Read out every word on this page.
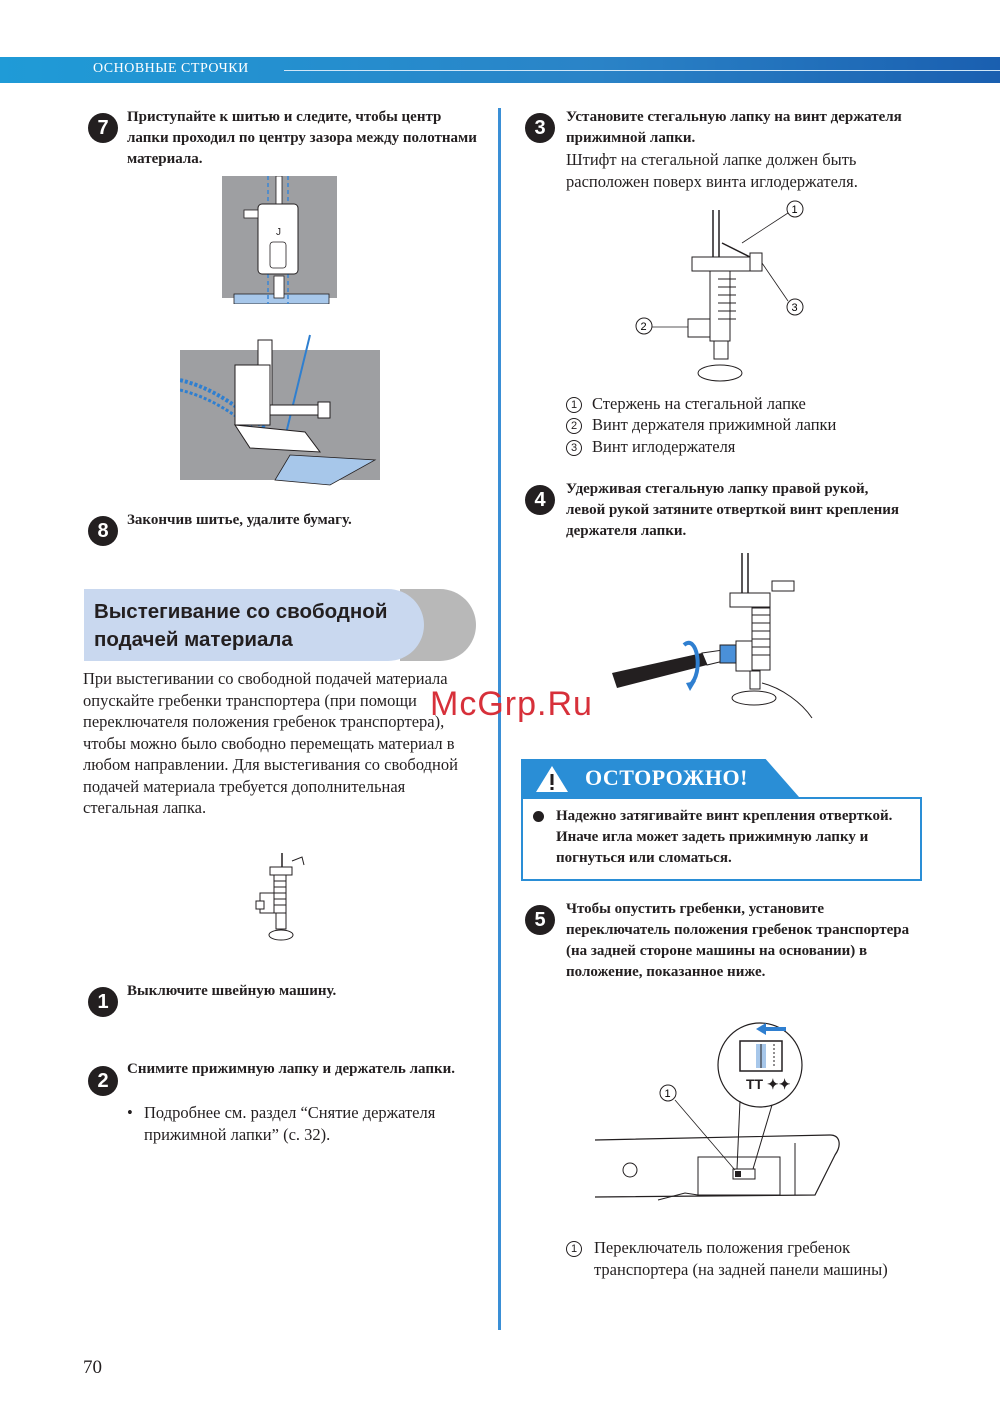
ОСНОВНЫЕ СТРОЧКИ
7	Приступайте к шитью и следите, чтобы центр лапки проходил по центру зазора между полотнами материала.
J
8	Закончив шитье, удалите бумагу.
Выстегивание со свободной подачей материала
При выстегивании со свободной подачей материала опускайте гребенки транспортера (при помощи переключателя положения гребенок транспортера), чтобы можно было свободно перемещать материал в любом направлении. Для выстегивания со свободной подачей материала требуется дополнительная стегальная лапка.
1	Выключите швейную машину.
2
Снимите прижимную лапку и держатель лапки.
• Подробнее см. раздел “Снятие держателя прижимной лапки” (с. 32).
3	Установите стегальную лапку на винт держателя прижимной лапки.
Штифт на стегальной лапке должен быть расположен поверх винта иглодержателя.
1
3
2
1 Стержень на стегальной лапке
2 Винт держателя прижимной лапки
3 Винт иглодержателя
4	Удерживая стегальную лапку правой рукой, левой рукой затяните отверткой винт крепления держателя лапки.
McGrp.Ru
ОСТОРОЖНО!
Надежно затягивайте винт крепления отверткой. Иначе игла может задеть прижимную лапку и погнуться или сломаться.
5	Чтобы опустить гребенки, установите переключатель положения гребенок транспортера (на задней стороне машины на основании) в положение, показанное ниже.
ΤΤ ✦✦
1
1	Переключатель положения гребенок транспортера (на задней панели машины)
70
